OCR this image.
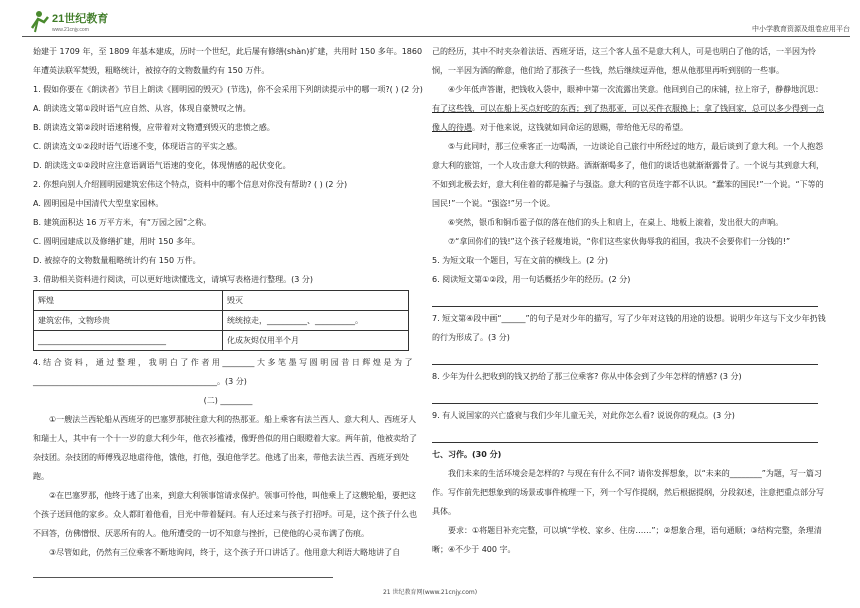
21世纪教育
www.21cnjy.com	中小学教育资源及组卷应用平台

始建于 1709 年，至 1809 年基本建成，历时一个世纪，此后屡有修缮(shàn)扩建，共用时 150 多年。1860 年遭英法联军焚毁，粗略统计，被掠夺的文物数量约有 150 万件。

1. 假如你要在《朗读者》节目上朗读《圆明园的毁灭》(节选)，你不会采用下列朗读提示中的哪一项?( ) (2 分)

A. 朗读选文第①段时语气应自然、从容，体现自豪赞叹之情。

B. 朗读选文第②段时语速稍慢，应带着对文物遭到毁灭的悲愤之感。

C. 朗读选文①②段时语气语速不变，体现语言的平实之感。

D. 朗读选文①②段时应注意语调语气语速的变化，体现情感的起伏变化。

2. 你想向别人介绍圆明园建筑宏伟这个特点，资料中的哪个信息对你没有帮助? ( ) (2 分)

A. 圆明园是中国清代大型皇家园林。

B. 建筑面积达 16 万平方米，有“万园之园”之称。

C. 圆明园建成以及修缮扩建，用时 150 多年。

D. 被掠夺的文物数量粗略统计约有 150 万件。

3. 借助相关资料进行阅读，可以更好地读懂选文，请填写表格进行整理。(3 分)

辉煌	毁灭
建筑宏伟，文物珍贵	统统掠走，__________、__________。
________________________________	化成灰烬仅用半个月

4. 结 合 资 料 ， 通 过 整 理 ， 我 明 白 了 作 者 用 ________ 大 多 笔 墨 写 圆 明 园 昔 日 辉 煌 是 为 了 ______________________________________________。(3 分)

(二) ________

①一艘法兰西轮船从西班牙的巴塞罗那驶往意大利的热那亚。船上乘客有法兰西人、意大利人、西班牙人和瑞士人，其中有一个十一岁的意大利少年，他衣衫褴褛，像野兽似的用白眼瞪着大家。两年前，他被卖给了杂技团。杂技团的师傅残忍地虐待他，饿他，打他，强迫他学艺。他逃了出来，带他去法兰西、西班牙到处跑。

②在巴塞罗那，他终于逃了出来，到意大利领事馆请求保护。领事可怜他，叫他乘上了这艘轮船，要把这个孩子送回他的家乡。众人都盯着他看，目光中带着疑问。有人还过来与孩子打招呼。可是，这个孩子什么也不回答，仿佛憎恨、厌恶所有的人。他所遭受的一切不知意与挫折，已使他的心灵布满了伤痕。

③尽管如此，仍然有三位乘客不断地询问，终于，这个孩子开口讲话了。他用意大利语大略地讲了自

己的经历，其中不时夹杂着法语、西班牙语，这三个客人虽不是意大利人，可是也明白了他的话，一半因为怜悯，一半因为酒的醉意，他们给了那孩子一些钱，然后继续逗弄他，想从他那里再听到别的一些事。

④少年低声答谢，把钱收入袋中，眼神中第一次流露出笑意。他回到自己的床铺，拉上帘子，静静地沉思：有了这些钱，可以在船上买点好吃的东西；到了热那亚，可以买件衣服换上；拿了钱回家，总可以多少得到一点像人的待遇。对于他来说，这钱就如同命运的恩赐，带给他无尽的希望。

⑤与此同时，那三位乘客正一边喝酒，一边谈论自己旅行中所经过的地方，最后谈到了意大利。一个人抱怨意大利的旅馆，一个人攻击意大利的铁路。酒渐渐喝多了，他们的谈话也就渐渐露骨了。一个说与其到意大利，不如到北极去好，意大利住着的都是骗子与强盗。意大利的官员连字都不认识。“蠢笨的国民!”一个说。“下等的国民!”一个说。“强盗!”另一个说。

⑥突然，银币和铜币雹子似的落在他们的头上和肩上，在桌上、地板上滚着，发出很大的声响。

⑦“拿回你们的钱!”这个孩子轻蔑地说，“你们这些家伙侮辱我的祖国，我决不会要你们一分钱的!”

5. 为短文取一个题目，写在文前的横线上。(2 分)

6. 阅读短文第①②段，用一句话概括少年的经历。(2 分)

7. 短文第④段中画“______”的句子是对少年的描写，写了少年对这钱的用途的设想。说明少年这与下文少年扔钱的行为形成了。(3 分)

8. 少年为什么把收到的钱又扔给了那三位乘客? 你从中体会到了少年怎样的情感? (3 分)

9. 有人说国家的兴亡盛衰与我们少年儿童无关，对此你怎么看? 说说你的观点。(3 分)

七、习作。(30 分)

我们未来的生活环境会是怎样的? 与现在有什么不同? 请你发挥想象，以“未来的________”为题，写一篇习作。写作前先把想象到的场景或事件梳理一下，列一个写作提纲，然后根据提纲，分段叙述，注意把重点部分写具体。

要求：①将题目补充完整，可以填“学校、家乡、住房……”；②想象合理，语句通顺；③结构完整，条理清晰；④不少于 400 字。

21 世纪教育网(www.21cnjy.com)
